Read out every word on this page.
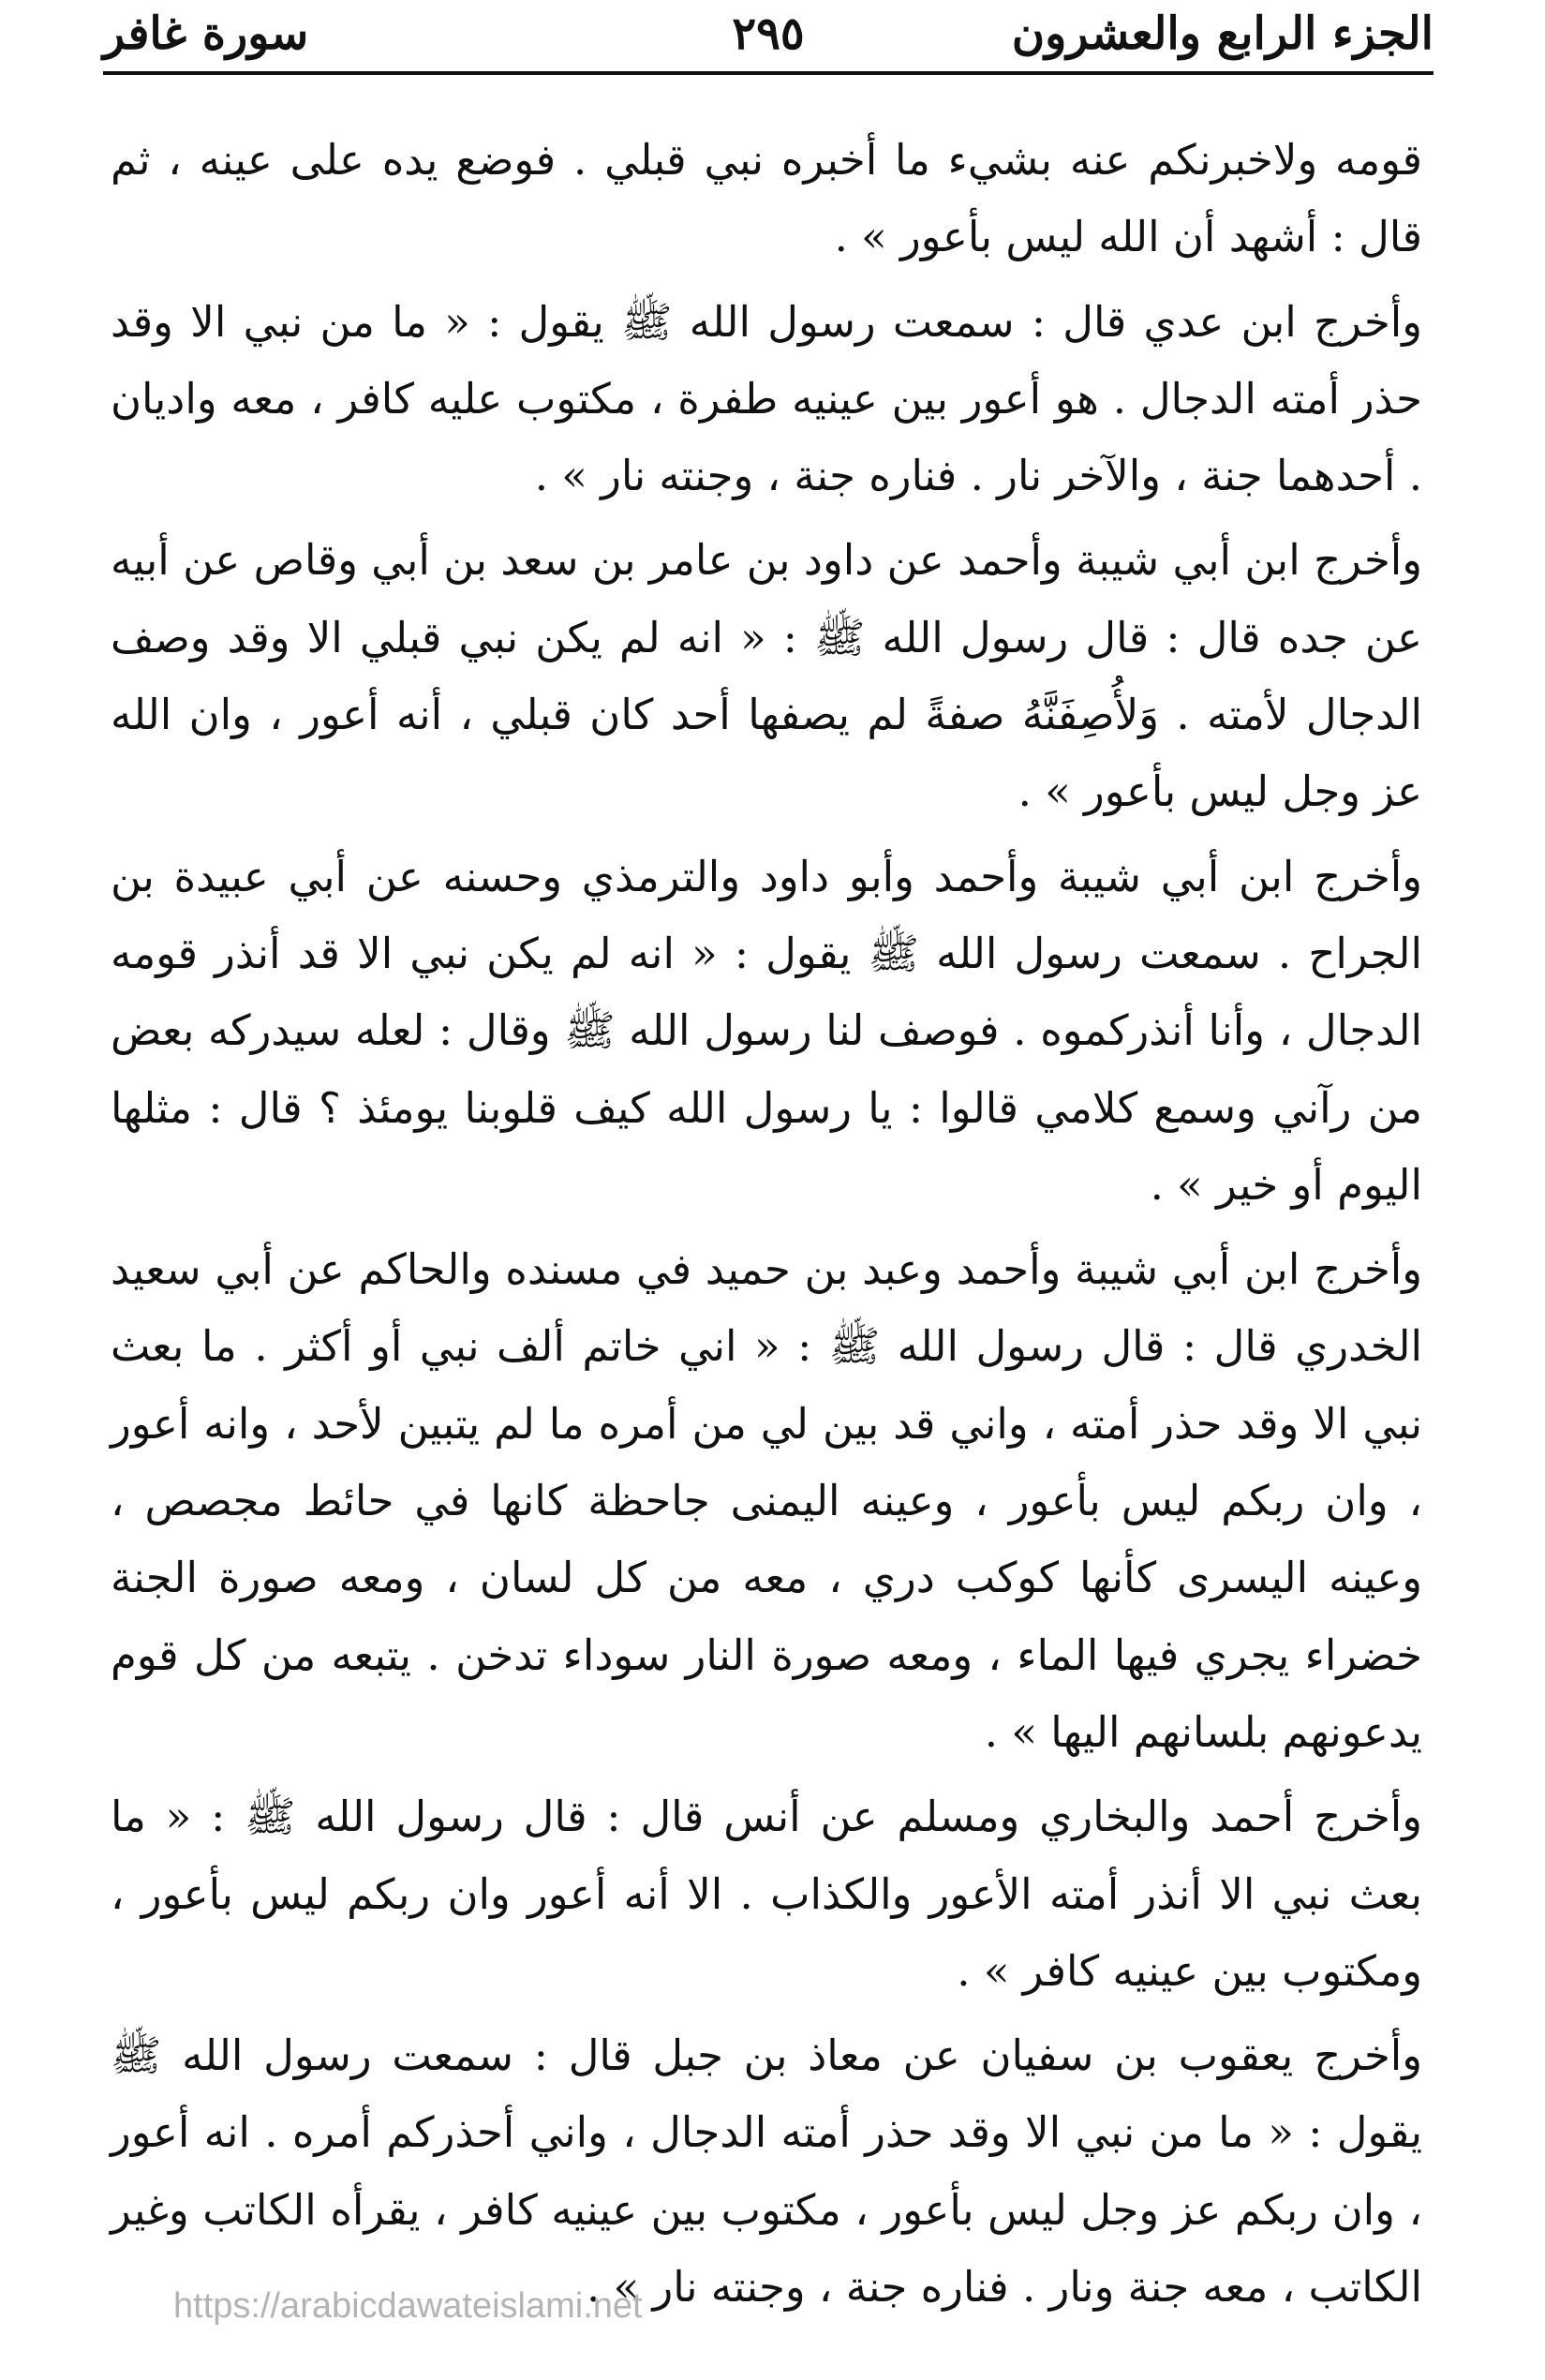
الجزء الرابع والعشرون
٢٩٥
سورة غافر

قومه ولاخبرنكم عنه بشيء ما أخبره نبي قبلي . فوضع يده على عينه ، ثم قال : أشهد أن الله ليس بأعور » .

وأخرج ابن عدي قال : سمعت رسول الله ﷺ يقول : « ما من نبي الا وقد حذر أمته الدجال . هو أعور بين عينيه طفرة ، مكتوب عليه كافر ، معه واديان . أحدهما جنة ، والآخر نار . فناره جنة ، وجنته نار » .

وأخرج ابن أبي شيبة وأحمد عن داود بن عامر بن سعد بن أبي وقاص عن أبيه عن جده قال : قال رسول الله ﷺ : « انه لم يكن نبي قبلي الا وقد وصف الدجال لأمته . وَلأُصِفَنَّهُ صفةً لم يصفها أحد كان قبلي ، أنه أعور ، وان الله عز وجل ليس بأعور » .

وأخرج ابن أبي شيبة وأحمد وأبو داود والترمذي وحسنه عن أبي عبيدة بن الجراح . سمعت رسول الله ﷺ يقول : « انه لم يكن نبي الا قد أنذر قومه الدجال ، وأنا أنذركموه . فوصف لنا رسول الله ﷺ وقال : لعله سيدركه بعض من رآني وسمع كلامي قالوا : يا رسول الله كيف قلوبنا يومئذ ؟ قال : مثلها اليوم أو خير » .

وأخرج ابن أبي شيبة وأحمد وعبد بن حميد في مسنده والحاكم عن أبي سعيد الخدري قال : قال رسول الله ﷺ : « اني خاتم ألف نبي أو أكثر . ما بعث نبي الا وقد حذر أمته ، واني قد بين لي من أمره ما لم يتبين لأحد ، وانه أعور ، وان ربكم ليس بأعور ، وعينه اليمنى جاحظة كانها في حائط مجصص ، وعينه اليسرى كأنها كوكب دري ، معه من كل لسان ، ومعه صورة الجنة خضراء يجري فيها الماء ، ومعه صورة النار سوداء تدخن . يتبعه من كل قوم يدعونهم بلسانهم اليها » .

وأخرج أحمد والبخاري ومسلم عن أنس قال : قال رسول الله ﷺ : « ما بعث نبي الا أنذر أمته الأعور والكذاب . الا أنه أعور وان ربكم ليس بأعور ، ومكتوب بين عينيه كافر » .

وأخرج يعقوب بن سفيان عن معاذ بن جبل قال : سمعت رسول الله ﷺ يقول : « ما من نبي الا وقد حذر أمته الدجال ، واني أحذركم أمره . انه أعور ، وان ربكم عز وجل ليس بأعور ، مكتوب بين عينيه كافر ، يقرأه الكاتب وغير الكاتب ، معه جنة ونار . فناره جنة ، وجنته نار » .

https://arabicdawateislami.net
